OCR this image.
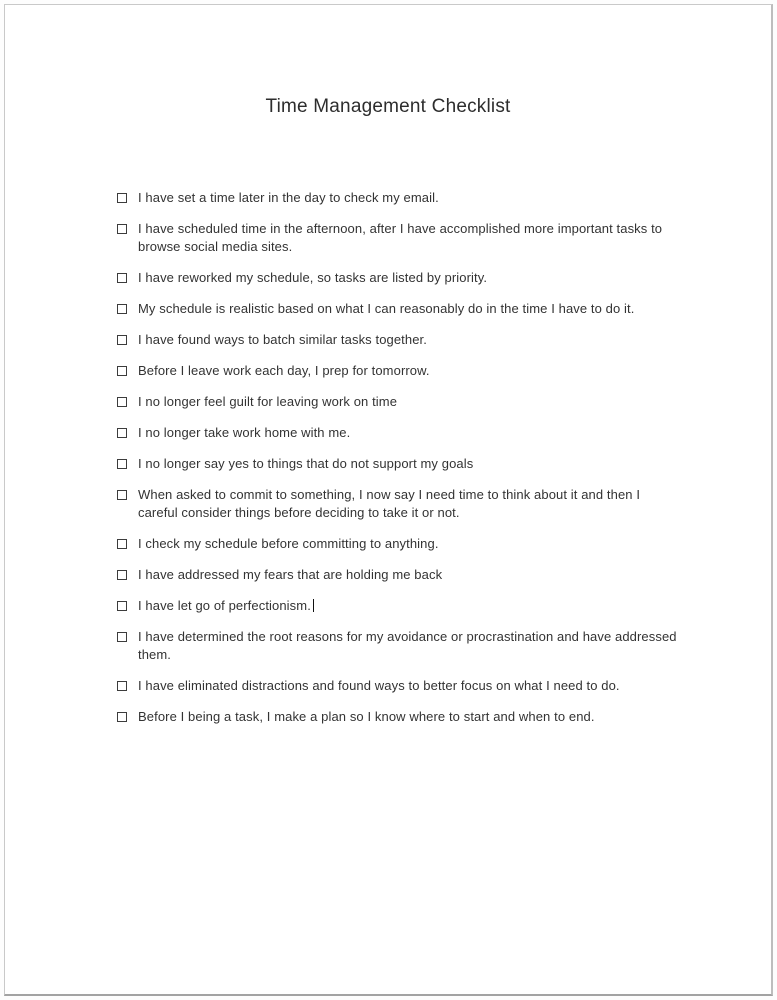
Time Management Checklist
I have set a time later in the day to check my email.
I have scheduled time in the afternoon, after I have accomplished more important tasks to browse social media sites.
I have reworked my schedule, so tasks are listed by priority.
My schedule is realistic based on what I can reasonably do in the time I have to do it.
I have found ways to batch similar tasks together.
Before I leave work each day, I prep for tomorrow.
I no longer feel guilt for leaving work on time
I no longer take work home with me.
I no longer say yes to things that do not support my goals
When asked to commit to something, I now say I need time to think about it and then I careful consider things before deciding to take it or not.
I check my schedule before committing to anything.
I have addressed my fears that are holding me back
I have let go of perfectionism.
I have determined the root reasons for my avoidance or procrastination and have addressed them.
I have eliminated distractions and found ways to better focus on what I need to do.
Before I being a task, I make a plan so I know where to start and when to end.
